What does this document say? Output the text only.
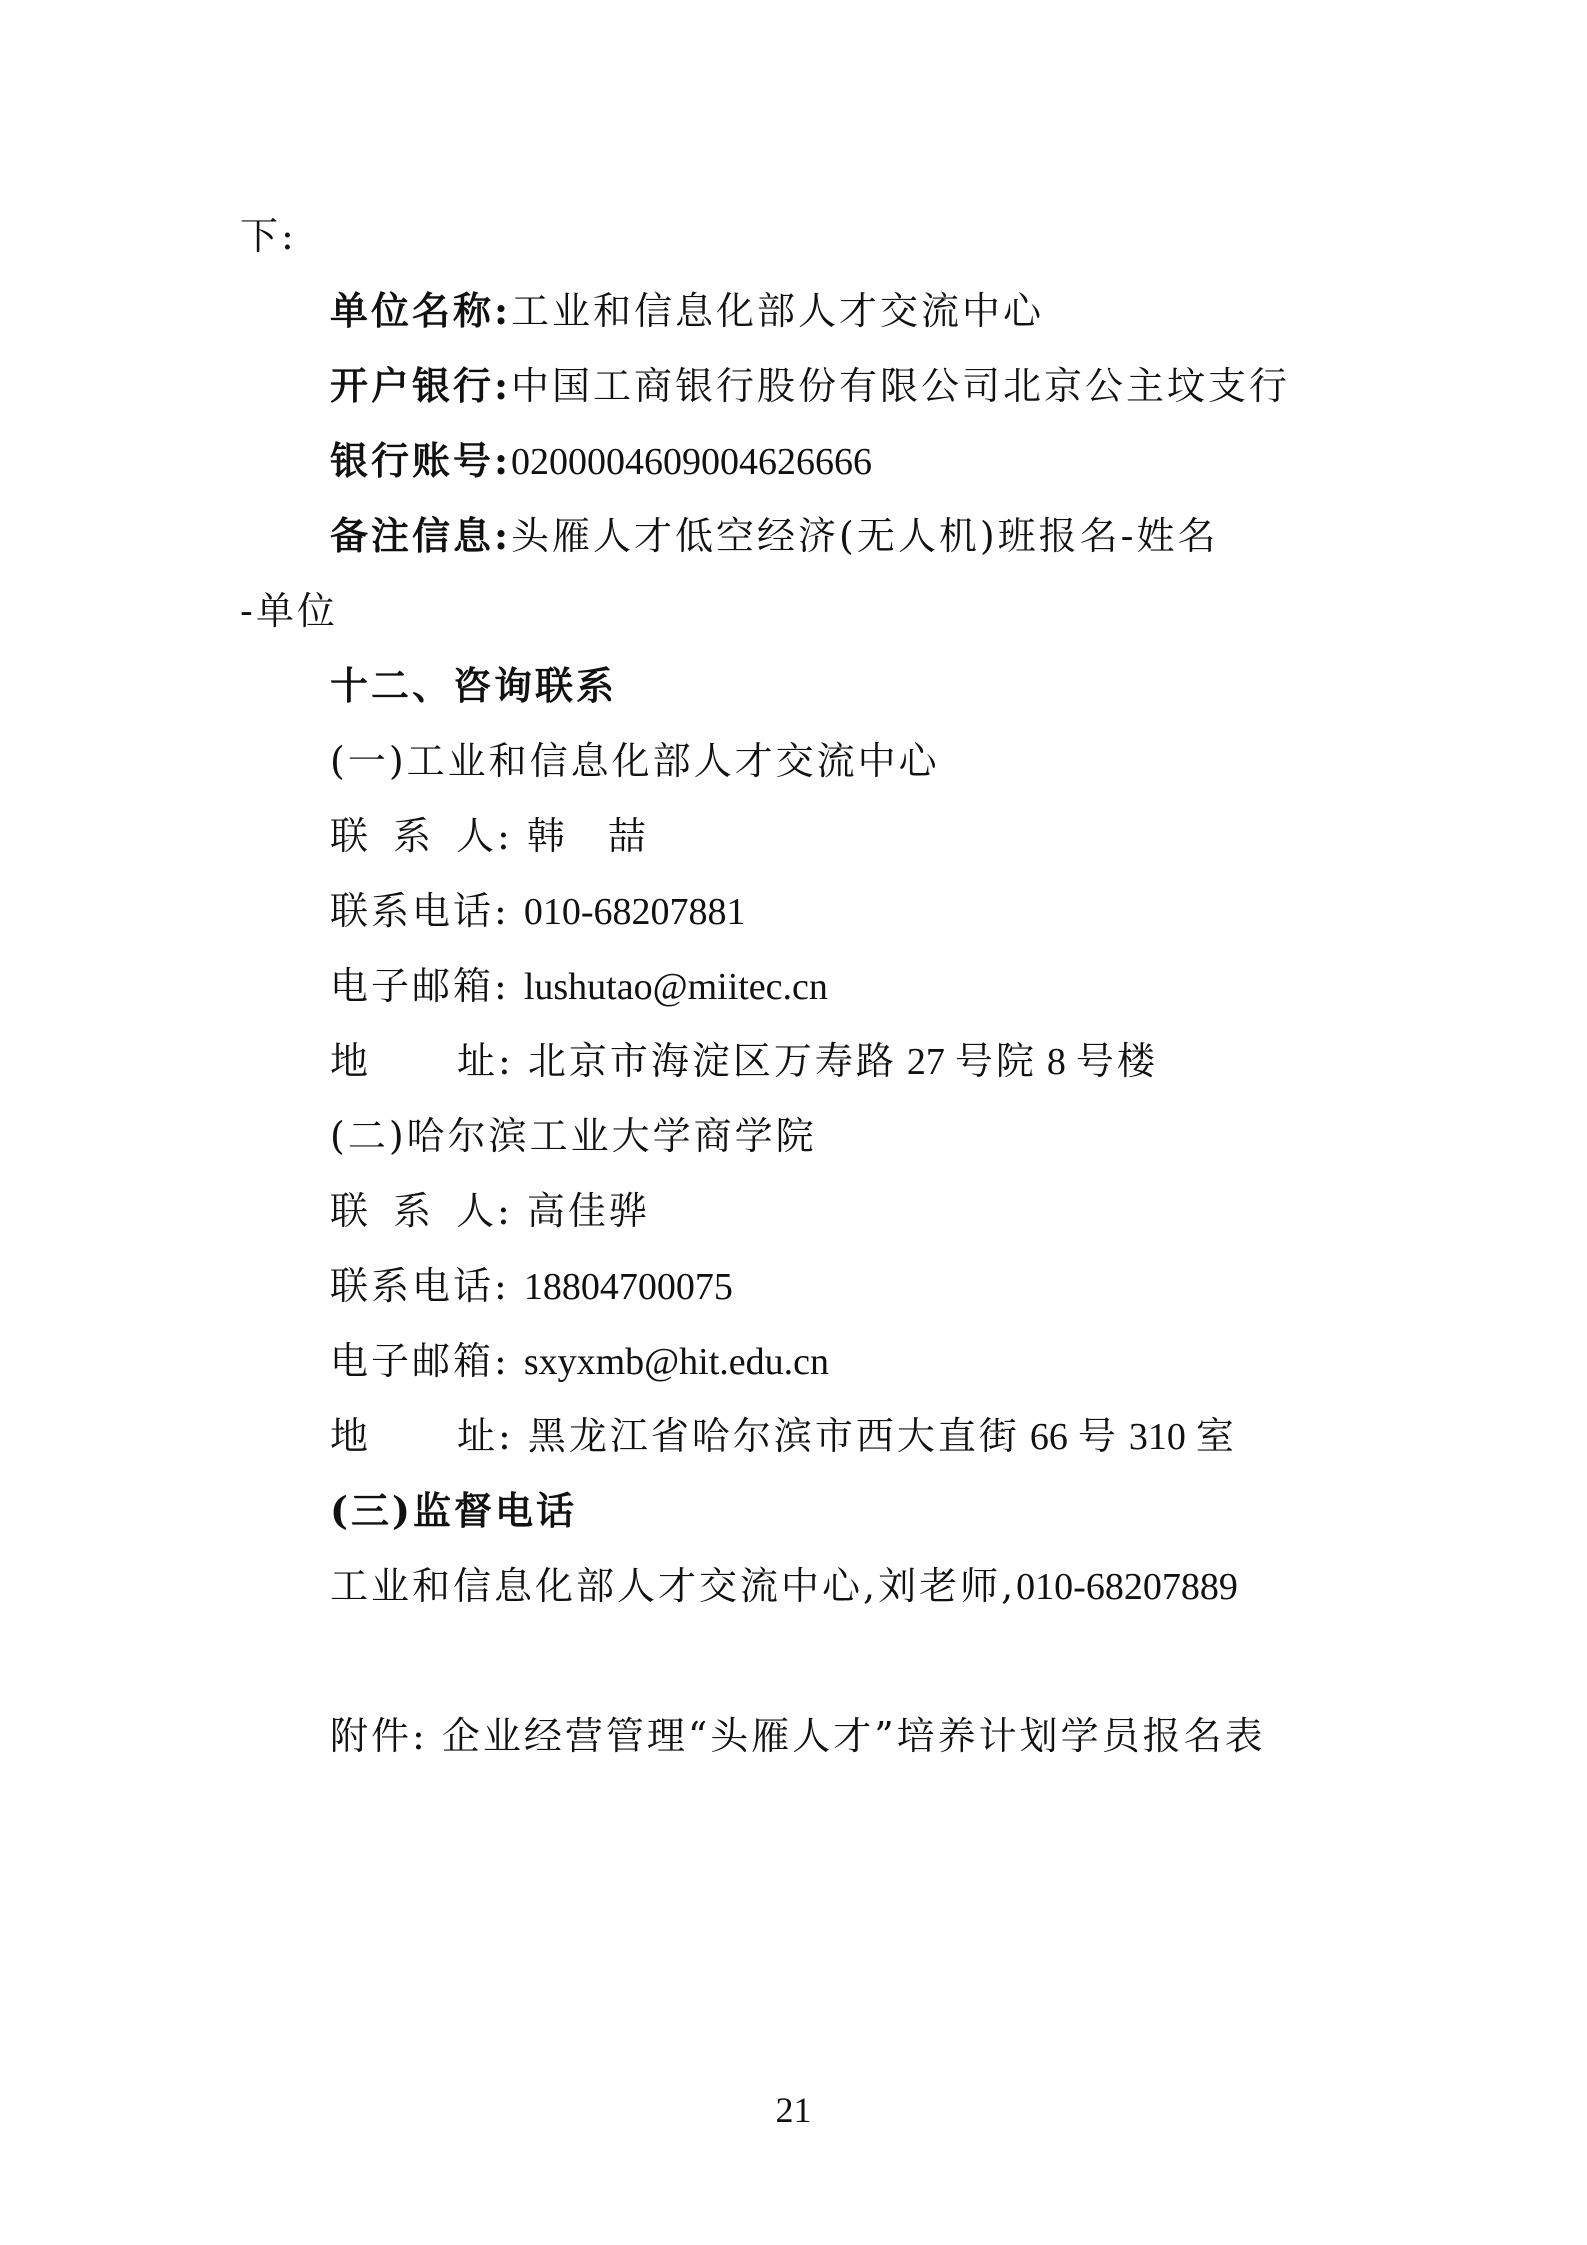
下:
单位名称:工业和信息化部人才交流中心
开户银行:中国工商银行股份有限公司北京公主坟支行
银行账号:0200004609004626666
备注信息:头雁人才低空经济(无人机)班报名-姓名
-单位
十二、咨询联系
(一)工业和信息化部人才交流中心
联 系 人: 韩 喆
联系电话: 010-68207881
电子邮箱: lushutao@miitec.cn
地 址: 北京市海淀区万寿路 27 号院 8 号楼
(二)哈尔滨工业大学商学院
联 系 人: 高佳骅
联系电话: 18804700075
电子邮箱: sxyxmb@hit.edu.cn
地 址: 黑龙江省哈尔滨市西大直街 66 号 310 室
(三)监督电话
工业和信息化部人才交流中心,刘老师,010-68207889
附件: 企业经营管理“头雁人才”培养计划学员报名表
21
